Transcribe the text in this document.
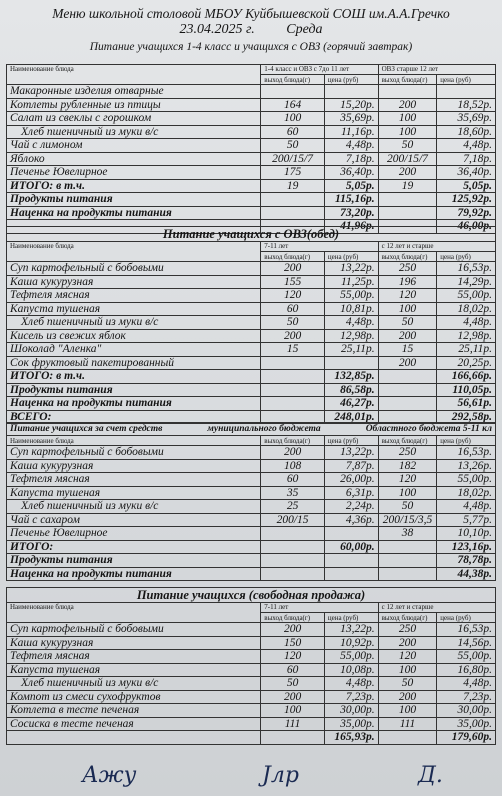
Меню школьной столовой МБОУ Куйбышевской СОШ им.А.А.Гречко
23.04.2025 г. Среда
Питание учащихся 1-4 класс и учащихся с ОВЗ (горячий завтрак)
Наименование блюда	1-4 класс и ОВЗ с 7до 11 лет		ОВЗ старше 12 лет	
	выход блюда(г)	цена (руб)	выход блюда(г)	цена (руб)
Макаронные изделия отварные				
Котлеты рубленные из птицы	164	15,20р.	200	18,52р.
Салат из свеклы с горошком	100	35,69р.	100	35,69р.
Хлеб пшеничный из муки в/с	60	11,16р.	100	18,60р.
Чай с лимоном	50	4,48р.	50	4,48р.
Яблоко	200/15/7	7,18р.	200/15/7	7,18р.
Печенье Ювелирное	175	36,40р.	200	36,40р.
ИТОГО: в т.ч.	19	5,05р.	19	5,05р.
Продукты питания		115,16р.		125,92р.
Наценка на продукты питания		73,20р.		79,92р.
		41,96р.		46,00р.
Питание учащихся с ОВЗ(обед)
Наименование блюда	7-11 лет		с 12 лет и старше	
	выход блюда(г)	цена (руб)	выход блюда(г)	цена (руб)
Суп картофельный с бобовыми	200	13,22р.	250	16,53р.
Каша кукурузная	155	11,25р.	196	14,29р.
Тефтеля мясная	120	55,00р.	120	55,00р.
Капуста тушеная	60	10,81р.	100	18,02р.
Хлеб пшеничный из муки в/с	50	4,48р.	50	4,48р.
Кисель из свежих яблок	200	12,98р.	200	12,98р.
Шоколад "Аленка"	15	25,11р.	15	25,11р.
Сок фруктовый пакетированный			200	20,25р.
ИТОГО: в т.ч.		132,85р.		166,66р.
Продукты питания		86,58р.		110,05р.
Наценка на продукты питания		46,27р.		56,61р.
ВСЕГО:		248,01р.		292,58р.
Питание учащихся за счет средств	муниципального бюджета	Областного бюджета 5-11 кл
Наименование блюда	выход блюда(г)	цена (руб)	выход блюда(г)	цена (руб)
Суп картофельный с бобовыми	200	13,22р.	250	16,53р.
Каша кукурузная	108	7,87р.	182	13,26р.
Тефтеля мясная	60	26,00р.	120	55,00р.
Капуста тушеная	35	6,31р.	100	18,02р.
Хлеб пшеничный из муки в/с	25	2,24р.	50	4,48р.
Чай с сахаром	200/15	4,36р.	200/15/3,5	5,77р.
Печенье Ювелирное			38	10,10р.
ИТОГО:		60,00р.		123,16р.
Продукты питания				78,78р.
Наценка на продукты питания				44,38р.
Питание учащихся (свободная продажа)
Наименование блюда	7-11 лет		с 12 лет и старше	
	выход блюда(г)	цена (руб)	выход блюда(г)	цена (руб)
Суп картофельный с бобовыми	200	13,22р.	250	16,53р.
Каша кукурузная	150	10,92р.	200	14,56р.
Тефтеля мясная	120	55,00р.	120	55,00р.
Капуста тушеная	60	10,08р.	100	16,80р.
Хлеб пшеничный из муки в/с	50	4,48р.	50	4,48р.
Компот из смеси сухофруктов	200	7,23р.	200	7,23р.
Котлета в тесте печеная	100	30,00р.	100	30,00р.
Сосиска в тесте печеная	111	35,00р.	111	35,00р.
		165,93р.		179,60р.
Ажу	Јлр	Д.
